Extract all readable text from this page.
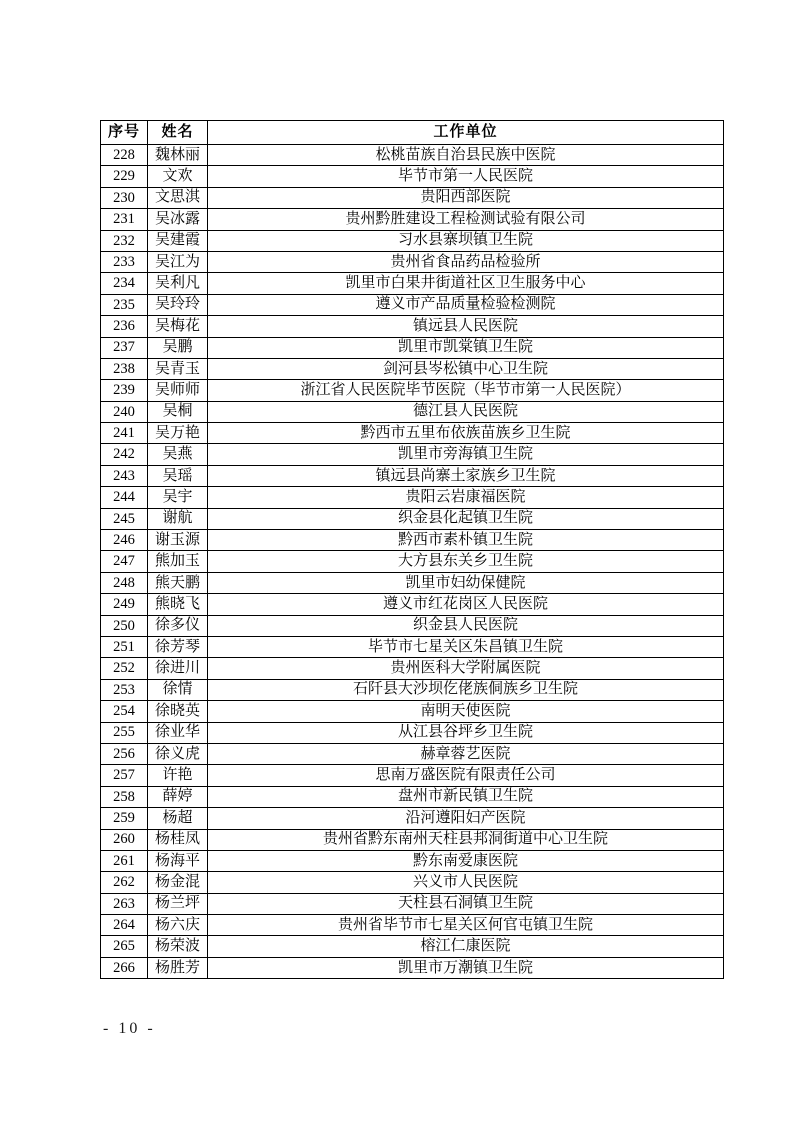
序号	姓名	工作单位
228	魏林丽	松桃苗族自治县民族中医院
229	文欢	毕节市第一人民医院
230	文思淇	贵阳西部医院
231	吴冰露	贵州黔胜建设工程检测试验有限公司
232	吴建霞	习水县寨坝镇卫生院
233	吴江为	贵州省食品药品检验所
234	吴利凡	凯里市白果井街道社区卫生服务中心
235	吴玲玲	遵义市产品质量检验检测院
236	吴梅花	镇远县人民医院
237	吴鹏	凯里市凯棠镇卫生院
238	吴青玉	剑河县岑松镇中心卫生院
239	吴师师	浙江省人民医院毕节医院（毕节市第一人民医院）
240	吴桐	德江县人民医院
241	吴万艳	黔西市五里布依族苗族乡卫生院
242	吴燕	凯里市旁海镇卫生院
243	吴瑶	镇远县尚寨土家族乡卫生院
244	吴宇	贵阳云岩康福医院
245	谢航	织金县化起镇卫生院
246	谢玉源	黔西市素朴镇卫生院
247	熊加玉	大方县东关乡卫生院
248	熊天鹏	凯里市妇幼保健院
249	熊晓飞	遵义市红花岗区人民医院
250	徐多仪	织金县人民医院
251	徐芳琴	毕节市七星关区朱昌镇卫生院
252	徐进川	贵州医科大学附属医院
253	徐情	石阡县大沙坝仡佬族侗族乡卫生院
254	徐晓英	南明天使医院
255	徐业华	从江县谷坪乡卫生院
256	徐义虎	赫章蓉艺医院
257	许艳	思南万盛医院有限责任公司
258	薛婷	盘州市新民镇卫生院
259	杨超	沿河遵阳妇产医院
260	杨桂凤	贵州省黔东南州天柱县邦洞街道中心卫生院
261	杨海平	黔东南爱康医院
262	杨金混	兴义市人民医院
263	杨兰坪	天柱县石洞镇卫生院
264	杨六庆	贵州省毕节市七星关区何官屯镇卫生院
265	杨荣波	榕江仁康医院
266	杨胜芳	凯里市万潮镇卫生院
- 10 -
